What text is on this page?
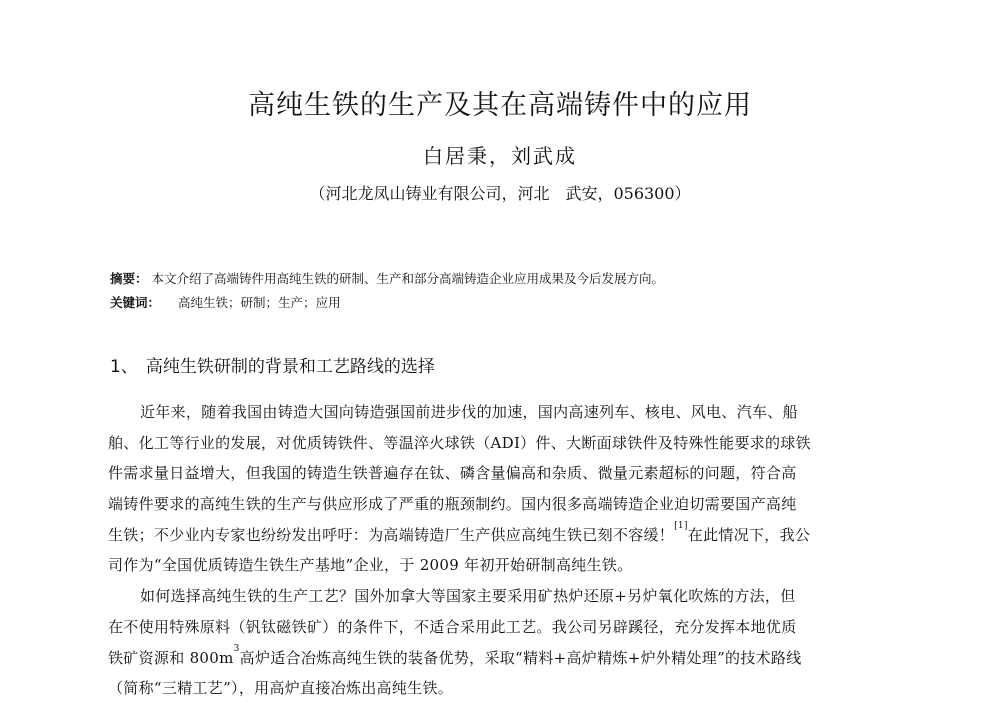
高纯生铁的生产及其在高端铸件中的应用
白居秉，刘武成
（河北龙凤山铸业有限公司，河北　武安，056300）
摘要： 本文介绍了高端铸件用高纯生铁的研制、生产和部分高端铸造企业应用成果及今后发展方向。
关键词： 高纯生铁；研制；生产；应用
1、 高纯生铁研制的背景和工艺路线的选择
近年来，随着我国由铸造大国向铸造强国前进步伐的加速，国内高速列车、核电、风电、汽车、船
舶、化工等行业的发展，对优质铸铁件、等温淬火球铁（ADI）件、大断面球铁件及特殊性能要求的球铁
件需求量日益增大，但我国的铸造生铁普遍存在钛、磷含量偏高和杂质、微量元素超标的问题，符合高
端铸件要求的高纯生铁的生产与供应形成了严重的瓶颈制约。国内很多高端铸造企业迫切需要国产高纯
生铁；不少业内专家也纷纷发出呼吁：为高端铸造厂生产供应高纯生铁已刻不容缓！[1]在此情况下，我公
司作为“全国优质铸造生铁生产基地”企业，于 2009 年初开始研制高纯生铁。
如何选择高纯生铁的生产工艺？国外加拿大等国家主要采用矿热炉还原+另炉氧化吹炼的方法，但
在不使用特殊原料（钒钛磁铁矿）的条件下，不适合采用此工艺。我公司另辟蹊径，充分发挥本地优质
铁矿资源和 $800m^3$高炉适合冶炼高纯生铁的装备优势，采取“精料+高炉精炼+炉外精处理”的技术路线
（简称“三精工艺”），用高炉直接冶炼出高纯生铁。
